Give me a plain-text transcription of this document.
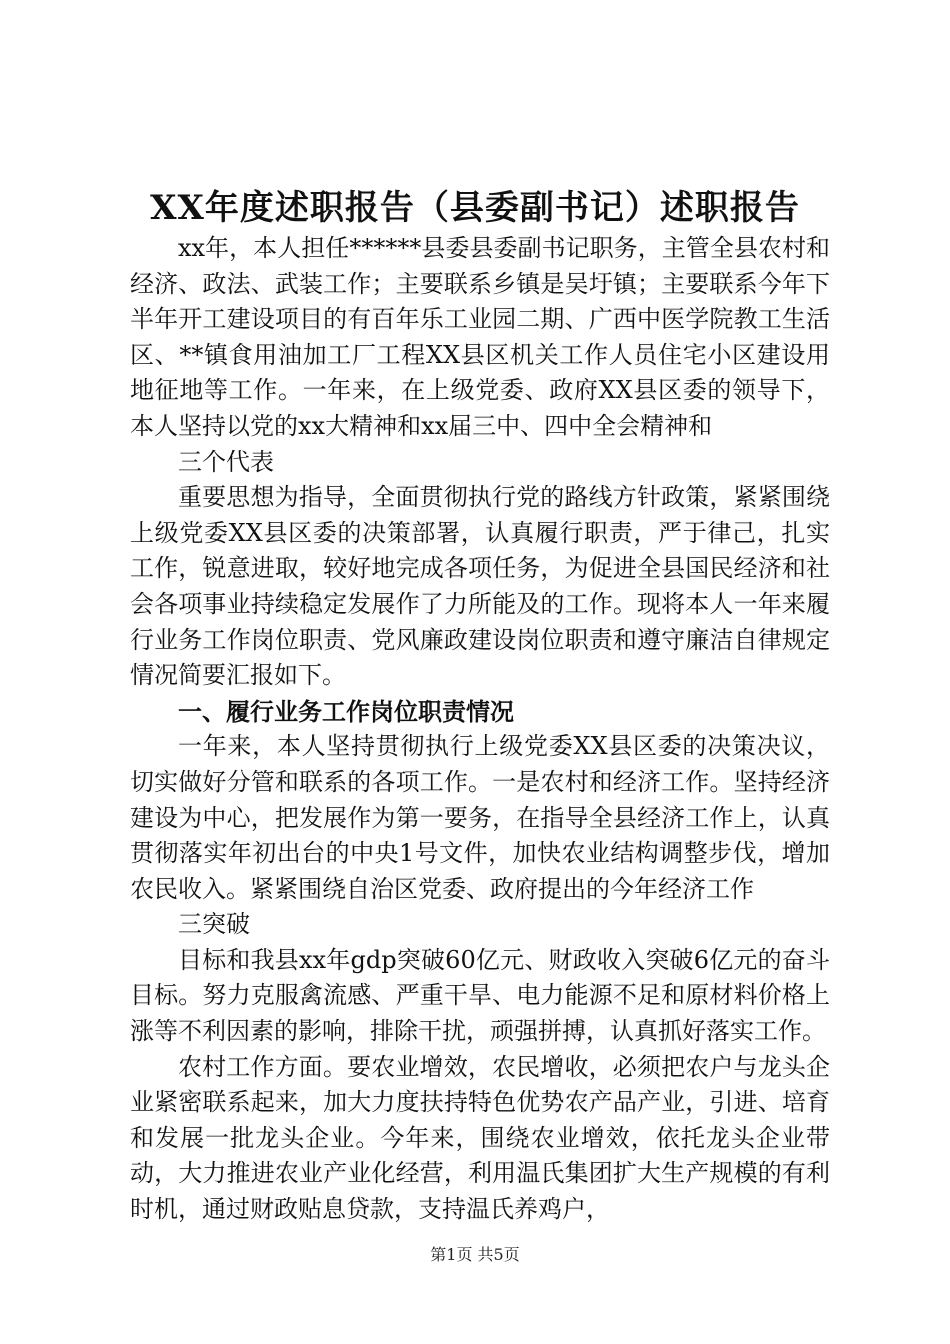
XX年度述职报告（县委副书记）述职报告

xx年，本人担任******县委县委副书记职务，主管全县农村和经济、政法、武装工作；主要联系乡镇是吴圩镇；主要联系今年下半年开工建设项目的有百年乐工业园二期、广西中医学院教工生活区、**镇食用油加工厂工程XX县区机关工作人员住宅小区建设用地征地等工作。一年来，在上级党委、政府XX县区委的领导下，本人坚持以党的xx大精神和xx届三中、四中全会精神和

三个代表

重要思想为指导，全面贯彻执行党的路线方针政策，紧紧围绕上级党委XX县区委的决策部署，认真履行职责，严于律己，扎实工作，锐意进取，较好地完成各项任务，为促进全县国民经济和社会各项事业持续稳定发展作了力所能及的工作。现将本人一年来履行业务工作岗位职责、党风廉政建设岗位职责和遵守廉洁自律规定情况简要汇报如下。

一、履行业务工作岗位职责情况

一年来，本人坚持贯彻执行上级党委XX县区委的决策决议，切实做好分管和联系的各项工作。一是农村和经济工作。坚持经济建设为中心，把发展作为第一要务，在指导全县经济工作上，认真贯彻落实年初出台的中央1号文件，加快农业结构调整步伐，增加农民收入。紧紧围绕自治区党委、政府提出的今年经济工作

三突破

目标和我县xx年gdp突破60亿元、财政收入突破6亿元的奋斗目标。努力克服禽流感、严重干旱、电力能源不足和原材料价格上涨等不利因素的影响，排除干扰，顽强拼搏，认真抓好落实工作。

农村工作方面。要农业增效，农民增收，必须把农户与龙头企业紧密联系起来，加大力度扶持特色优势农产品产业，引进、培育和发展一批龙头企业。今年来，围绕农业增效，依托龙头企业带动，大力推进农业产业化经营，利用温氏集团扩大生产规模的有利时机，通过财政贴息贷款，支持温氏养鸡户，

第1页 共5页
